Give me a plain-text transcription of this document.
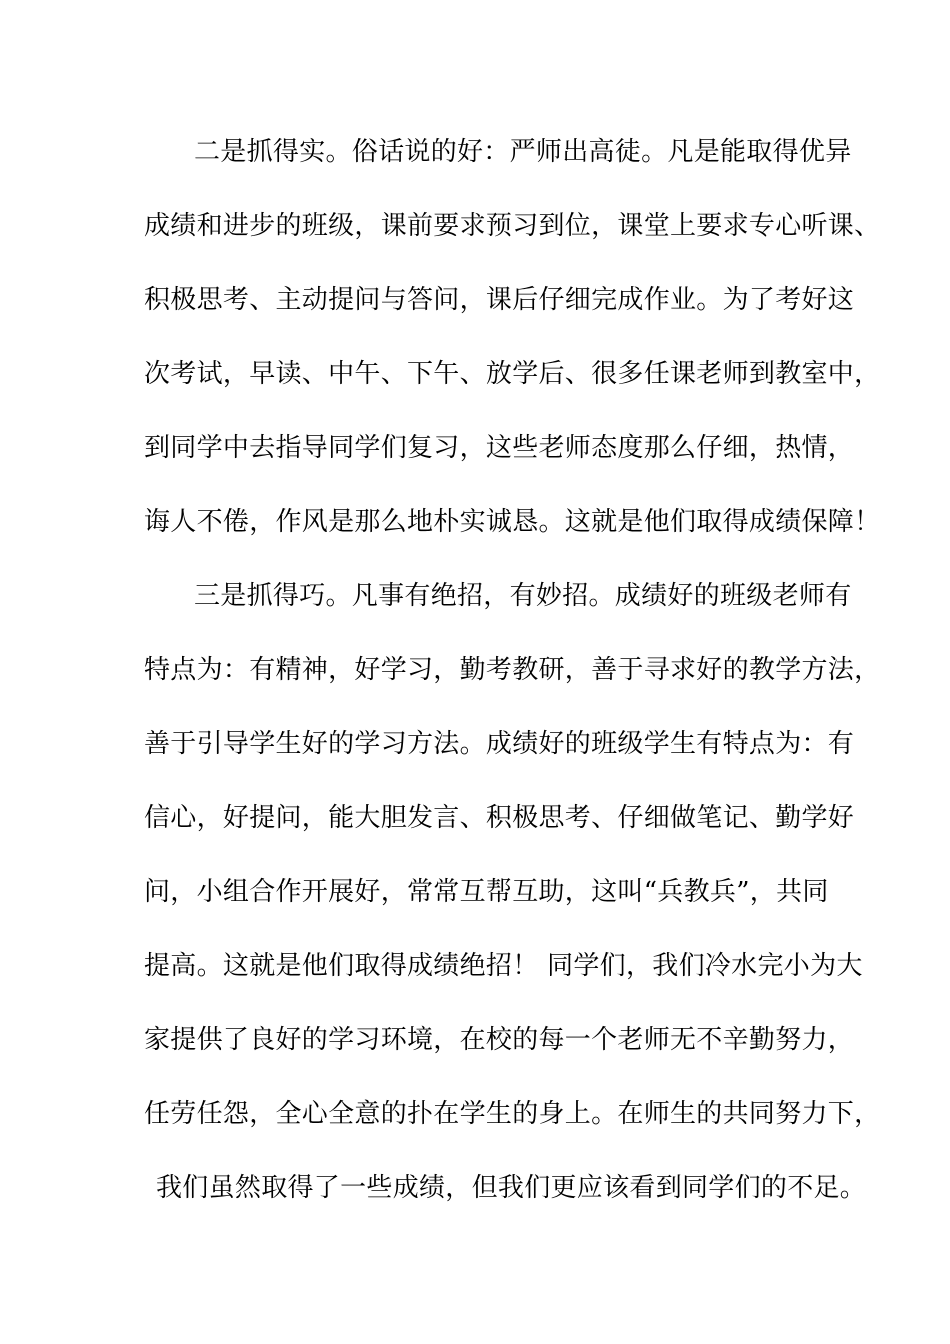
二是抓得实。俗话说的好：严师出高徒。凡是能取得优异
成绩和进步的班级，课前要求预习到位，课堂上要求专心听课、
积极思考、主动提问与答问，课后仔细完成作业。为了考好这
次考试，早读、中午、下午、放学后、很多任课老师到教室中，
到同学中去指导同学们复习，这些老师态度那么仔细，热情，
诲人不倦，作风是那么地朴实诚恳。这就是他们取得成绩保障！
三是抓得巧。凡事有绝招，有妙招。成绩好的班级老师有
特点为：有精神，好学习，勤考教研，善于寻求好的教学方法，
善于引导学生好的学习方法。成绩好的班级学生有特点为：有
信心，好提问，能大胆发言、积极思考、仔细做笔记、勤学好
问，小组合作开展好，常常互帮互助，这叫“兵教兵”，共同
提高。这就是他们取得成绩绝招！ 同学们，我们冷水完小为大
家提供了良好的学习环境，在校的每一个老师无不辛勤努力，
任劳任怨，全心全意的扑在学生的身上。在师生的共同努力下，
我们虽然取得了一些成绩，但我们更应该看到同学们的不足。
